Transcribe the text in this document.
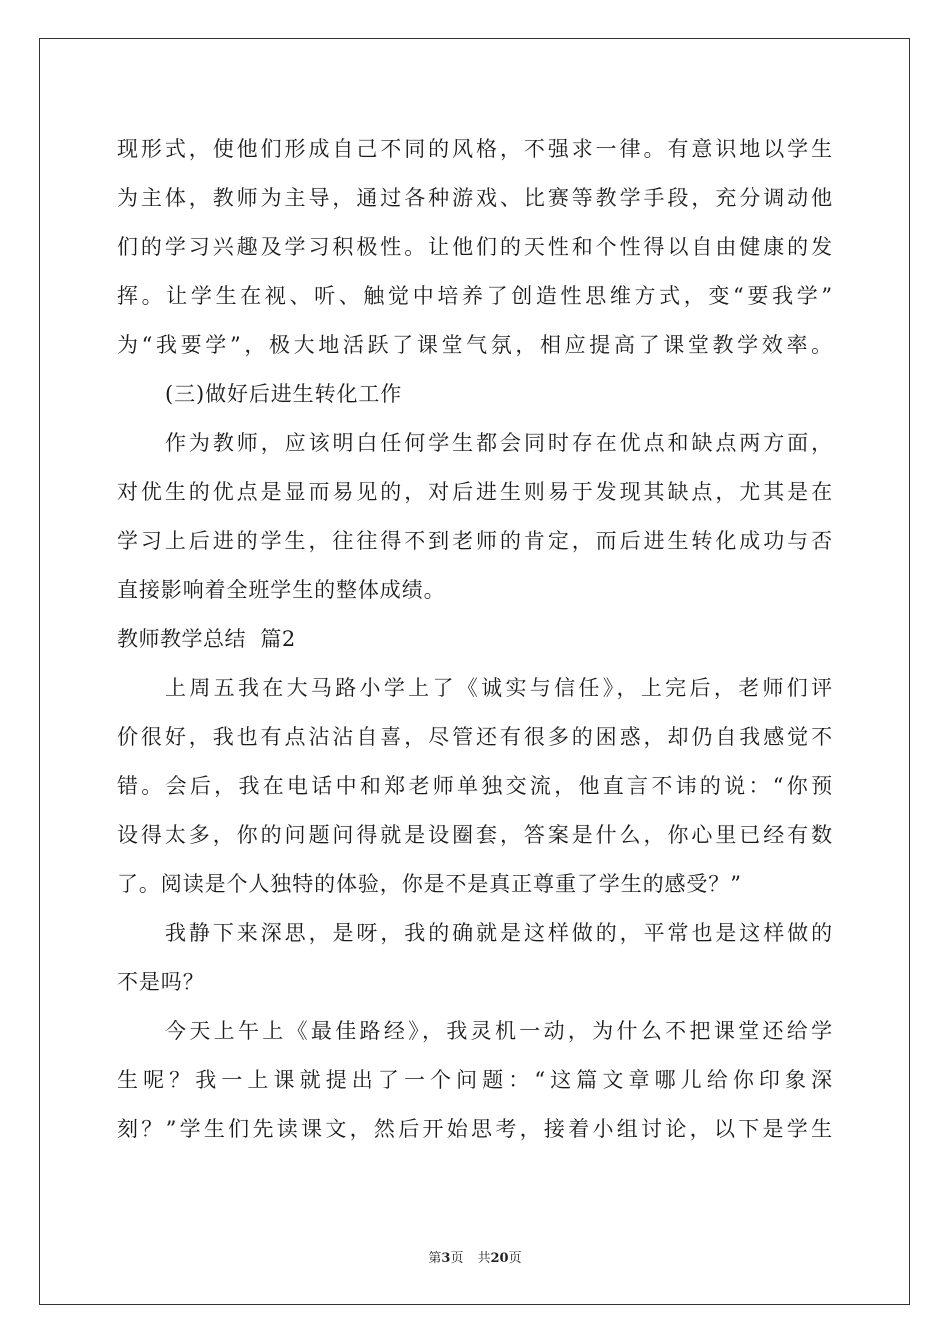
现形式，使他们形成自己不同的风格，不强求一律。有意识地以学生
为主体，教师为主导，通过各种游戏、比赛等教学手段，充分调动他
们的学习兴趣及学习积极性。让他们的天性和个性得以自由健康的发
挥。让学生在视、听、触觉中培养了创造性思维方式，变“要我学”
为“我要学”，极大地活跃了课堂气氛，相应提高了课堂教学效率。
(三)做好后进生转化工作
作为教师，应该明白任何学生都会同时存在优点和缺点两方面，
对优生的优点是显而易见的，对后进生则易于发现其缺点，尤其是在
学习上后进的学生，往往得不到老师的肯定，而后进生转化成功与否
直接影响着全班学生的整体成绩。
教师教学总结  篇2
上周五我在大马路小学上了《诚实与信任》，上完后，老师们评
价很好，我也有点沾沾自喜，尽管还有很多的困惑，却仍自我感觉不
错。会后，我在电话中和郑老师单独交流，他直言不讳的说：“你预
设得太多，你的问题问得就是设圈套，答案是什么，你心里已经有数
了。阅读是个人独特的体验，你是不是真正尊重了学生的感受？”
我静下来深思，是呀，我的确就是这样做的，平常也是这样做的
不是吗？
今天上午上《最佳路经》，我灵机一动，为什么不把课堂还给学
生呢？我一上课就提出了一个问题：“这篇文章哪儿给你印象深
刻？”学生们先读课文，然后开始思考，接着小组讨论，以下是学生
第3页 共20页
